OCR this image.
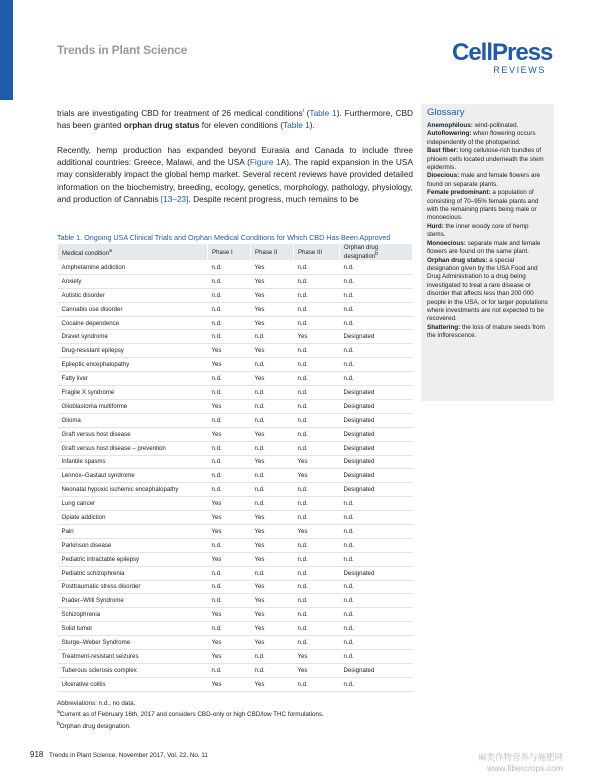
Trends in Plant Science	CellPress
REVIEWS
trials are investigating CBD for treatment of 26 medical conditions$^i$ (Table 1). Furthermore, CBD has been granted orphan drug status for eleven conditions (Table 1).
Recently, hemp production has expanded beyond Eurasia and Canada to include three additional countries: Greece, Malawi, and the USA (Figure 1A). The rapid expansion in the USA may considerably impact the global hemp market. Several recent reviews have provided detailed information on the biochemistry, breeding, ecology, genetics, morphology, pathology, physiology, and production of Cannabis [13–23]. Despite recent progress, much remains to be
Glossary

Anemophilous: wind-pollinated.

Autoflowering: when flowering occurs independently of the photoperiod.

Bast fiber: long cellulose-rich bundles of phloem cells located underneath the stem epidermis.

Dioecious: male and female flowers are found on separate plants.

Female predominant: a population of consisting of 70–95% female plants and with the remaining plants being male or monoecious.

Hurd: the inner woody core of hemp stems.

Monoecious: separate male and female flowers are found on the same plant.

Orphan drug status: a special designation given by the USA Food and Drug Administration to a drug being investigated to treat a rare disease or disorder that affects less than 200 000 people in the USA, or for larger populations where investments are not expected to be recovered.

Shattering: the loss of mature seeds from the inflorescence.

Table 1. Ongoing USA Clinical Trials and Orphan Medical Conditions for Which CBD Has Been Approved
Medical condition$^a$	Phase I	Phase II	Phase III	Orphan drug designation$^b$
Amphetamine addiction	n.d.	Yes	n.d.	n.d.
Anxiety	n.d.	Yes	n.d.	n.d.
Autistic disorder	n.d.	Yes	n.d.	n.d.
Cannabis use disorder	n.d.	Yes	n.d.	n.d.
Cocaine dependence	n.d.	Yes	n.d.	n.d.
Dravet syndrome	n.d.	n.d.	Yes	Designated
Drug-resistant epilepsy	Yes	Yes	n.d.	n.d.
Epileptic encephalopathy	Yes	n.d.	n.d.	n.d.
Fatty liver	n.d.	Yes	n.d.	n.d.
Fragile X syndrome	n.d.	n.d.	n.d.	Designated
Glioblastoma multiforme	Yes	n.d.	n.d.	Designated
Glioma	n.d.	n.d.	n.d.	Designated
Graft versus host disease	Yes	Yes	n.d.	Designated
Graft versus host disease – prevention	n.d.	n.d.	n.d.	Designated
Infantile spasms	n.d.	Yes	Yes	Designated
Lennox–Gastaut syndrome	n.d.	n.d.	Yes	Designated
Neonatal hypoxic ischemic encephalopathy	n.d.	n.d.	n.d.	Designated
Lung cancer	Yes	n.d.	n.d.	n.d.
Opiate addiction	Yes	Yes	n.d.	n.d.
Pain	Yes	Yes	Yes	n.d.
Parkinson disease	n.d.	Yes	n.d.	n.d.
Pediatric intractable epilepsy	Yes	Yes	n.d.	n.d.
Pediatric schizophrenia	n.d.	n.d.	n.d.	Designated
Posttraumatic stress disorder	n.d.	Yes	n.d.	n.d.
Prader–Willi Syndrome	n.d.	Yes	n.d.	n.d.
Schizophrenia	Yes	Yes	n.d.	n.d.
Solid tumor	n.d.	Yes	n.d.	n.d.
Sturge–Weber Syndrome	Yes	Yes	n.d.	n.d.
Treatment-resistant seizures	Yes	n.d.	Yes	n.d.
Tuberous sclerosis complex	n.d.	n.d.	Yes	Designated
Ulcerative colitis	Yes	Yes	n.d.	n.d.
Abbreviations: n.d., no data.
$^a$Current as of February 16th, 2017 and considers CBD-only or high CBD/low THC formulations.
$^b$Orphan drug designation.
918 Trends in Plant Science, November 2017, Vol. 22, No. 11	麻类作物营养与施肥网
www.fibercrops.com
